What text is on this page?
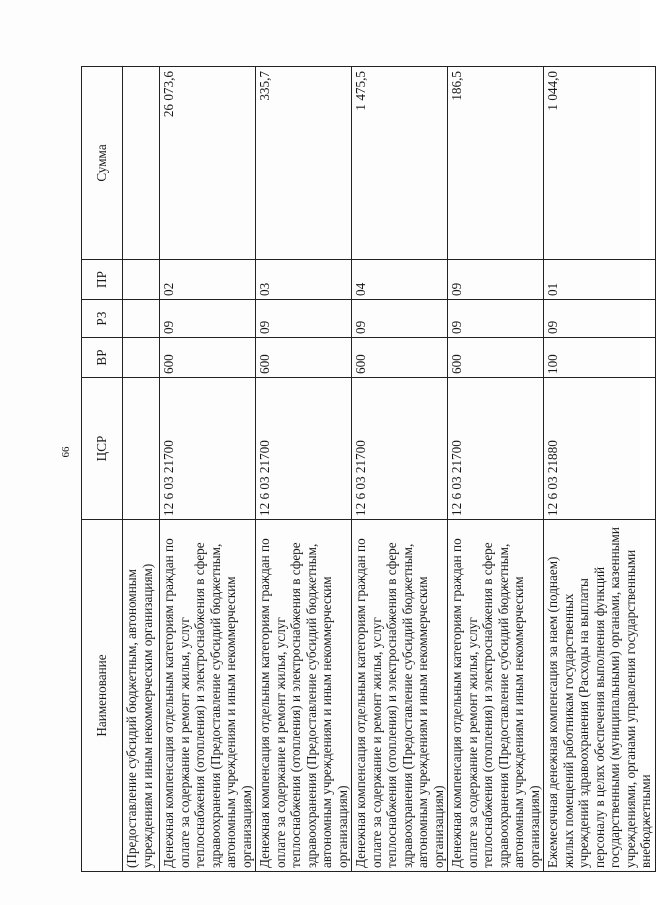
66
Наименование	ЦСР	ВР	РЗ	ПР	Сумма
(Предоставление субсидий бюджетным, автономным учреждениям и иным некоммерческим организациям)					
Денежная компенсация отдельным категориям граждан по оплате за содержание и ремонт жилья, услуг теплоснабжения (отопления) и электроснабжения в сфере здравоохранения (Предоставление субсидий бюджетным, автономным учреждениям и иным некоммерческим организациям)	12 6 03 21700	600	09	02	26 073,6
Денежная компенсация отдельным категориям граждан по оплате за содержание и ремонт жилья, услуг теплоснабжения (отопления) и электроснабжения в сфере здравоохранения (Предоставление субсидий бюджетным, автономным учреждениям и иным некоммерческим организациям)	12 6 03 21700	600	09	03	335,7
Денежная компенсация отдельным категориям граждан по оплате за содержание и ремонт жилья, услуг теплоснабжения (отопления) и электроснабжения в сфере здравоохранения (Предоставление субсидий бюджетным, автономным учреждениям и иным некоммерческим организациям)	12 6 03 21700	600	09	04	1 475,5
Денежная компенсация отдельным категориям граждан по оплате за содержание и ремонт жилья, услуг теплоснабжения (отопления) и электроснабжения в сфере здравоохранения (Предоставление субсидий бюджетным, автономным учреждениям и иным некоммерческим организациям)	12 6 03 21700	600	09	09	186,5
Ежемесячная денежная компенсация за наем (поднаем) жилых помещений работникам государственных учреждений здравоохранения (Расходы на выплаты персоналу в целях обеспечения выполнения функций государственными (муниципальными) органами, казенными учреждениями, органами управления государственными внебюджетными	12 6 03 21880	100	09	01	1 044,0
